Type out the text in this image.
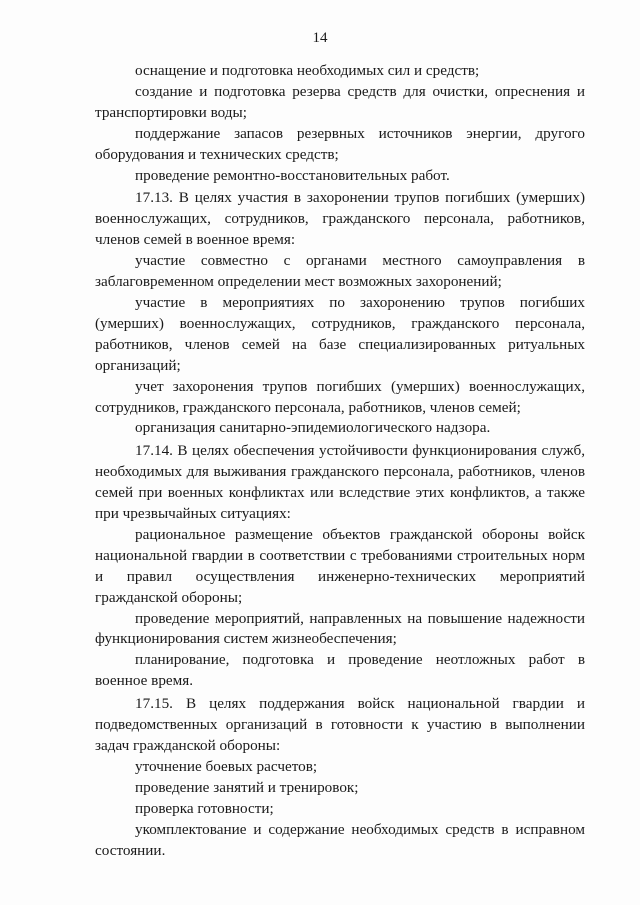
14

оснащение и подготовка необходимых сил и средств;

создание и подготовка резерва средств для очистки, опреснения и транспортировки воды;

поддержание запасов резервных источников энергии, другого оборудования и технических средств;

проведение ремонтно-восстановительных работ.

17.13. В целях участия в захоронении трупов погибших (умерших) военнослужащих, сотрудников, гражданского персонала, работников, членов семей в военное время:

участие совместно с органами местного самоуправления в заблаговременном определении мест возможных захоронений;

участие в мероприятиях по захоронению трупов погибших (умерших) военнослужащих, сотрудников, гражданского персонала, работников, членов семей на базе специализированных ритуальных организаций;

учет захоронения трупов погибших (умерших) военнослужащих, сотрудников, гражданского персонала, работников, членов семей;

организация санитарно-эпидемиологического надзора.

17.14. В целях обеспечения устойчивости функционирования служб, необходимых для выживания гражданского персонала, работников, членов семей при военных конфликтах или вследствие этих конфликтов, а также при чрезвычайных ситуациях:

рациональное размещение объектов гражданской обороны войск национальной гвардии в соответствии с требованиями строительных норм и правил осуществления инженерно-технических мероприятий гражданской обороны;

проведение мероприятий, направленных на повышение надежности функционирования систем жизнеобеспечения;

планирование, подготовка и проведение неотложных работ в военное время.

17.15. В целях поддержания войск национальной гвардии и подведомственных организаций в готовности к участию в выполнении задач гражданской обороны:

уточнение боевых расчетов;

проведение занятий и тренировок;

проверка готовности;

укомплектование и содержание необходимых средств в исправном состоянии.
